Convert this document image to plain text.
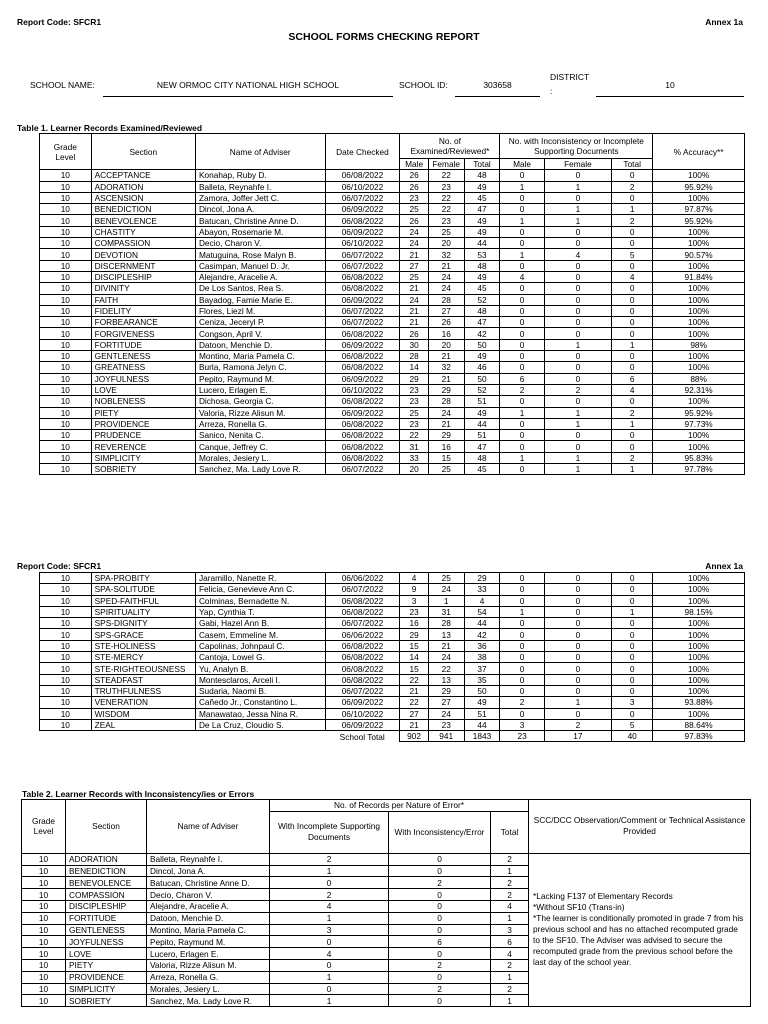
Report Code: SFCR1	Annex 1a
SCHOOL FORMS CHECKING REPORT
SCHOOL NAME:	NEW ORMOC CITY NATIONAL HIGH SCHOOL	SCHOOL ID:	303658
DISTRICT
:
10
Table 1. Learner Records Examined/Reviewed
Grade Level	Section	Name of Adviser	Date Checked	No. of Examined/Reviewed*			No. with Inconsistency or Incomplete Supporting Documents			% Accuracy**
				Male	Female	Total	Male	Female	Total	
10	ACCEPTANCE	Konahap, Ruby D.	06/08/2022	26	22	48	0	0	0	100%
10	ADORATION	Balleta, Reynahfe I.	06/10/2022	26	23	49	1	1	2	95.92%
10	ASCENSION	Zamora, Joffer Jett C.	06/07/2022	23	22	45	0	0	0	100%
10	BENEDICTION	Dincol, Jona A.	06/09/2022	25	22	47	0	1	1	97.87%
10	BENEVOLENCE	Batucan, Christine Anne D.	06/08/2022	26	23	49	1	1	2	95.92%
10	CHASTITY	Abayon, Rosemarie M.	06/09/2022	24	25	49	0	0	0	100%
10	COMPASSION	Decio, Charon V.	06/10/2022	24	20	44	0	0	0	100%
10	DEVOTION	Matuguina, Rose Malyn B.	06/07/2022	21	32	53	1	4	5	90.57%
10	DISCERNMENT	Casimpan, Manuel D. Jr.	06/07/2022	27	21	48	0	0	0	100%
10	DISCIPLESHIP	Alejandre, Aracelie A.	06/08/2022	25	24	49	4	0	4	91.84%
10	DIVINITY	De Los Santos, Rea S.	06/08/2022	21	24	45	0	0	0	100%
10	FAITH	Bayadog, Famie Marie E.	06/09/2022	24	28	52	0	0	0	100%
10	FIDELITY	Flores, Liezl M.	06/07/2022	21	27	48	0	0	0	100%
10	FORBEARANCE	Ceniza, Jeceryl P.	06/07/2022	21	26	47	0	0	0	100%
10	FORGIVENESS	Congson, April V.	06/08/2022	26	16	42	0	0	0	100%
10	FORTITUDE	Datoon, Menchie D.	06/09/2022	30	20	50	0	1	1	98%
10	GENTLENESS	Montino, Maria Pamela C.	06/08/2022	28	21	49	0	0	0	100%
10	GREATNESS	Burla, Ramona Jelyn C.	06/08/2022	14	32	46	0	0	0	100%
10	JOYFULNESS	Pepito, Raymund M.	06/09/2022	29	21	50	6	0	6	88%
10	LOVE	Lucero, Erlagen E.	06/10/2022	23	29	52	2	2	4	92.31%
10	NOBLENESS	Dichosa, Georgia C.	06/08/2022	23	28	51	0	0	0	100%
10	PIETY	Valoria, Rizze Alisun M.	06/09/2022	25	24	49	1	1	2	95.92%
10	PROVIDENCE	Arreza, Ronella G.	06/08/2022	23	21	44	0	1	1	97.73%
10	PRUDENCE	Sanico, Nenita C.	06/08/2022	22	29	51	0	0	0	100%
10	REVERENCE	Canque, Jeffrey C.	06/08/2022	31	16	47	0	0	0	100%
10	SIMPLICITY	Morales, Jesiery L.	06/08/2022	33	15	48	1	1	2	95.83%
10	SOBRIETY	Sanchez, Ma. Lady Love R.	06/07/2022	20	25	45	0	1	1	97.78%
Report Code: SFCR1	Annex 1a
10	SPA-PROBITY	Jaramillo, Nanette R.	06/06/2022	4	25	29	0	0	0	100%
10	SPA-SOLITUDE	Felicia, Genevieve Ann C.	06/07/2022	9	24	33	0	0	0	100%
10	SPED-FAITHFUL	Colminas, Bernadette N.	06/08/2022	3	1	4	0	0	0	100%
10	SPIRITUALITY	Yap, Cynthia T.	06/08/2022	23	31	54	1	0	1	98.15%
10	SPS-DIGNITY	Gabi, Hazel Ann B.	06/07/2022	16	28	44	0	0	0	100%
10	SPS-GRACE	Casem, Emmeline M.	06/06/2022	29	13	42	0	0	0	100%
10	STE-HOLINESS	Capolinas, Johnpaul C.	06/08/2022	15	21	36	0	0	0	100%
10	STE-MERCY	Cantoja, Lowel G.	06/08/2022	14	24	38	0	0	0	100%
10	STE-RIGHTEOUSNESS	Yu, Analyn B.	06/08/2022	15	22	37	0	0	0	100%
10	STEADFAST	Montesclaros, Arceli I.	06/08/2022	22	13	35	0	0	0	100%
10	TRUTHFULNESS	Sudaria, Naomi B.	06/07/2022	21	29	50	0	0	0	100%
10	VENERATION	Cañedo Jr., Constantino L.	06/09/2022	22	27	49	2	1	3	93.88%
10	WISDOM	Manawatao, Jessa Nina R.	06/10/2022	27	24	51	0	0	0	100%
10	ZEAL	De La Cruz, Cloudio S.	06/09/2022	21	23	44	3	2	5	88.64%
			School Total	902	941	1843	23	17	40	97.83%
Table 2. Learner Records with Inconsistency/ies or Errors
Grade Level	Section	Name of Adviser	No. of Records per Nature of Error*			SCC/DCC Observation/Comment or Technical Assistance Provided
			With Incomplete Supporting Documents	With Inconsistency/Error	Total	
10	ADORATION	Balleta, Reynahfe I.	2	0	2	*Lacking F137 of Elementary Records
*Without SF10 (Trans-in)
*The learner is conditionally promoted in grade 7 from his previous school and has no attached recomputed grade to the SF10. The Adviser was advised to secure the recomputed grade from the previous school before the last day of the school year.

10	BENEDICTION	Dincol, Jona A.	1	0	1	
10	BENEVOLENCE	Batucan, Christine Anne D.	0	2	2	
10	COMPASSION	Decio, Charon V.	2	0	2	
10	DISCIPLESHIP	Alejandre, Aracelie A.	4	0	4	
10	FORTITUDE	Datoon, Menchie D.	1	0	1	
10	GENTLENESS	Montino, Maria Pamela C.	3	0	3	
10	JOYFULNESS	Pepito, Raymund M.	0	6	6	
10	LOVE	Lucero, Erlagen E.	4	0	4	
10	PIETY	Valoria, Rizze Alisun M.	0	2	2	
10	PROVIDENCE	Arreza, Ronella G.	1	0	1	
10	SIMPLICITY	Morales, Jesiery L.	0	2	2	
10	SOBRIETY	Sanchez, Ma. Lady Love R.	1	0	1	
